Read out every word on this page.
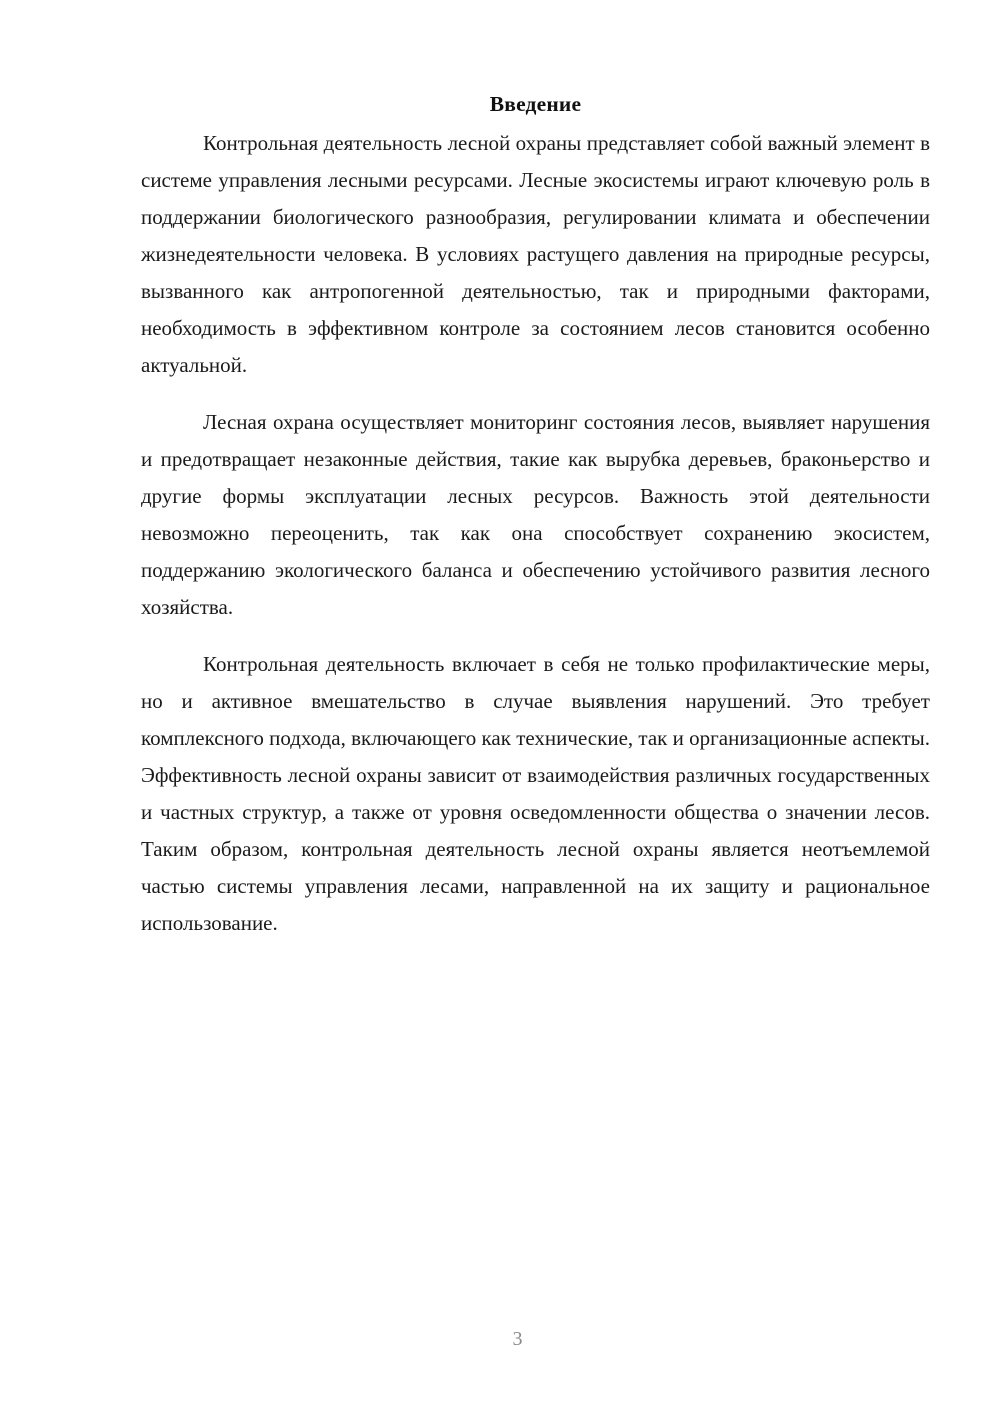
Введение

Контрольная деятельность лесной охраны представляет собой важный элемент в системе управления лесными ресурсами. Лесные экосистемы играют ключевую роль в поддержании биологического разнообразия, регулировании климата и обеспечении жизнедеятельности человека. В условиях растущего давления на природные ресурсы, вызванного как антропогенной деятельностью, так и природными факторами, необходимость в эффективном контроле за состоянием лесов становится особенно актуальной.

Лесная охрана осуществляет мониторинг состояния лесов, выявляет нарушения и предотвращает незаконные действия, такие как вырубка деревьев, браконьерство и другие формы эксплуатации лесных ресурсов. Важность этой деятельности невозможно переоценить, так как она способствует сохранению экосистем, поддержанию экологического баланса и обеспечению устойчивого развития лесного хозяйства.

Контрольная деятельность включает в себя не только профилактические меры, но и активное вмешательство в случае выявления нарушений. Это требует комплексного подхода, включающего как технические, так и организационные аспекты. Эффективность лесной охраны зависит от взаимодействия различных государственных и частных структур, а также от уровня осведомленности общества о значении лесов. Таким образом, контрольная деятельность лесной охраны является неотъемлемой частью системы управления лесами, направленной на их защиту и рациональное использование.

3
